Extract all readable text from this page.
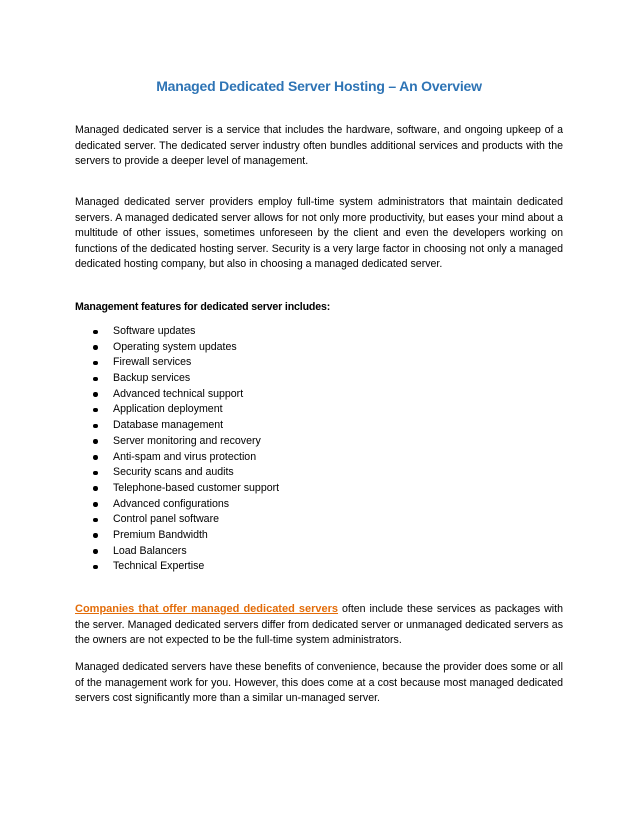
Managed Dedicated Server Hosting – An Overview
Managed dedicated server is a service that includes the hardware, software, and ongoing upkeep of a dedicated server. The dedicated server industry often bundles additional services and products with the servers to provide a deeper level of management.
Managed dedicated server providers employ full-time system administrators that maintain dedicated servers. A managed dedicated server allows for not only more productivity, but eases your mind about a multitude of other issues, sometimes unforeseen by the client and even the developers working on functions of the dedicated hosting server. Security is a very large factor in choosing not only a managed dedicated hosting company, but also in choosing a managed dedicated server.
Management features for dedicated server includes:
Software updates
Operating system updates
Firewall services
Backup services
Advanced technical support
Application deployment
Database management
Server monitoring and recovery
Anti-spam and virus protection
Security scans and audits
Telephone-based customer support
Advanced configurations
Control panel software
Premium Bandwidth
Load Balancers
Technical Expertise
Companies that offer managed dedicated servers often include these services as packages with the server. Managed dedicated servers differ from dedicated server or unmanaged dedicated servers as the owners are not expected to be the full-time system administrators.
Managed dedicated servers have these benefits of convenience, because the provider does some or all of the management work for you. However, this does come at a cost because most managed dedicated servers cost significantly more than a similar un-managed server.
